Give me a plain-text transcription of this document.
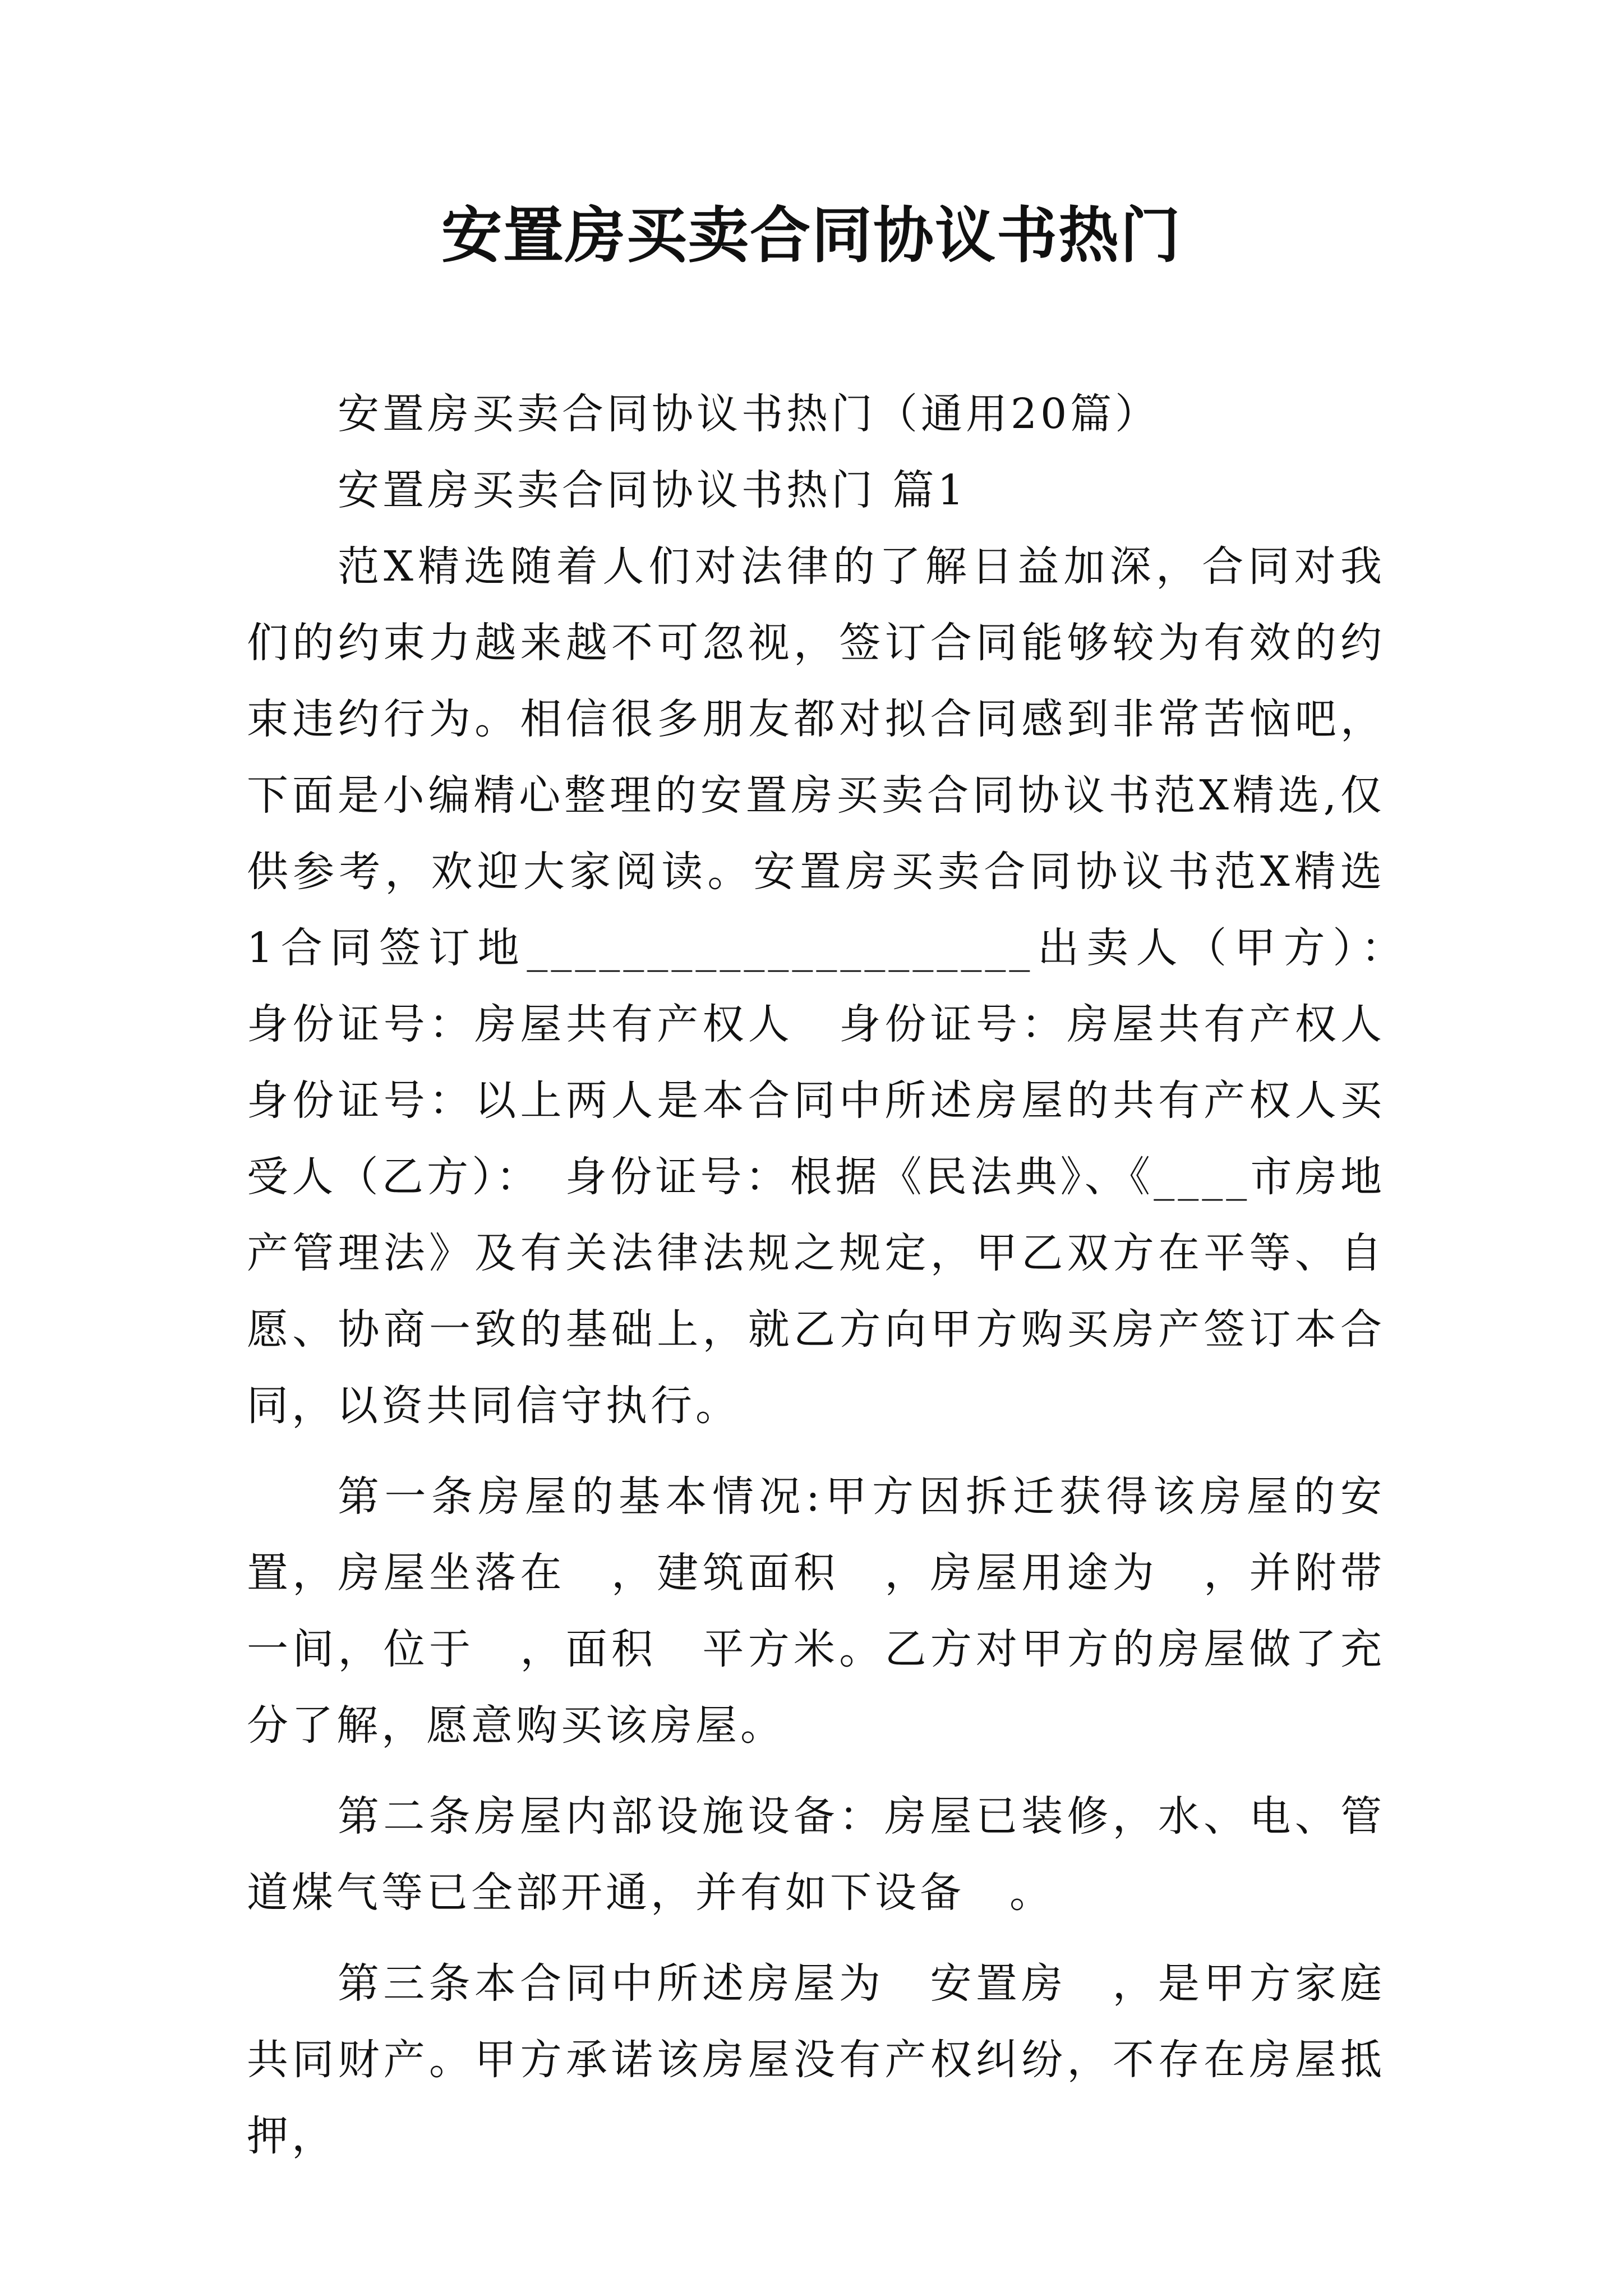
安置房买卖合同协议书热门

安置房买卖合同协议书热门（通用20篇）

安置房买卖合同协议书热门 篇1

范X精选随着人们对法律的了解日益加深，合同对我们的约束力越来越不可忽视，签订合同能够较为有效的约束违约行为。相信很多朋友都对拟合同感到非常苦恼吧，下面是小编精心整理的安置房买卖合同协议书范X精选,仅供参考，欢迎大家阅读。安置房买卖合同协议书范X精选1合同签订地_____________________出卖人（甲方）：　身份证号：房屋共有产权人　身份证号：房屋共有产权人　身份证号：以上两人是本合同中所述房屋的共有产权人买受人（乙方）：　身份证号：根据《民法典》、《____市房地产管理法》及有关法律法规之规定，甲乙双方在平等、自愿、协商一致的基础上，就乙方向甲方购买房产签订本合同，以资共同信守执行。

第一条房屋的基本情况:甲方因拆迁获得该房屋的安置，房屋坐落在　，建筑面积　，房屋用途为　，并附带　一间，位于　，面积　平方米。乙方对甲方的房屋做了充分了解，愿意购买该房屋。

第二条房屋内部设施设备：房屋已装修，水、电、管道煤气等已全部开通，并有如下设备　。

第三条本合同中所述房屋为　安置房　，是甲方家庭共同财产。甲方承诺该房屋没有产权纠纷，不存在房屋抵押，
